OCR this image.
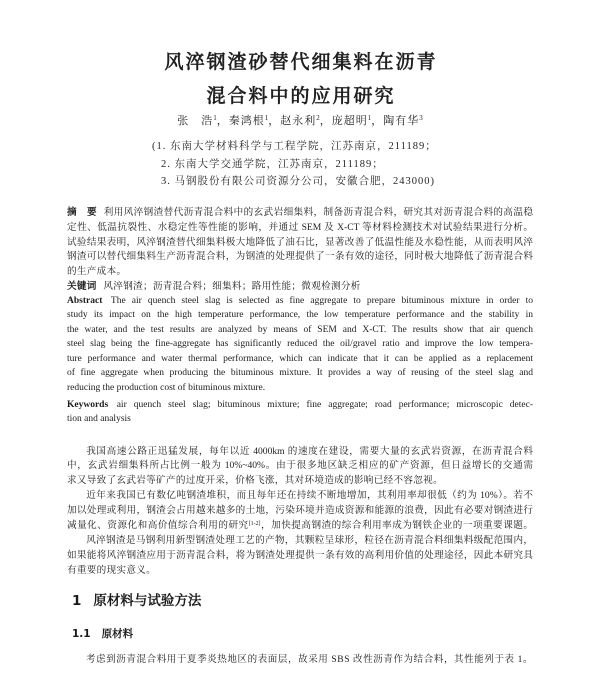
风淬钢渣砂替代细集料在沥青
混合料中的应用研究
张　浩$^1$，秦鸿根$^1$，赵永利$^2$，庞超明$^1$，陶有华$^3$
(1. 东南大学材料科学与工程学院，江苏南京，211189；
2. 东南大学交通学院，江苏南京，211189；
3. 马钢股份有限公司资源分公司，安徽合肥，243000)
摘　要 利用风淬钢渣替代沥青混合料中的玄武岩细集料，制备沥青混合料，研究其对沥青混合料的高温稳
定性、低温抗裂性、水稳定性等性能的影响，并通过 SEM 及 X-CT 等材料检测技术对试验结果进行分析。
试验结果表明，风淬钢渣替代细集料极大地降低了油石比，显著改善了低温性能及水稳性能，从而表明风淬
钢渣可以替代细集料生产沥青混合料，为钢渣的处理提供了一条有效的途径，同时极大地降低了沥青混合料
的生产成本。
关键词 风淬钢渣；沥青混合料；细集料；路用性能；微观检测分析
Abstract The air quench steel slag is selected as fine aggregate to prepare bituminous mixture in order to
study its impact on the high temperature performance, the low temperature performance and the stability in
the water, and the test results are analyzed by means of SEM and X-CT. The results show that air quench
steel slag being the fine-aggregate has significantly reduced the oil/gravel ratio and improve the low tempera-
ture performance and water thermal performance, which can indicate that it can be applied as a replacement
of fine aggregate when producing the bituminous mixture. It provides a way of reusing of the steel slag and
reducing the production cost of bituminous mixture.
Keywords air quench steel slag; bituminous mixture; fine aggregate; road performance; microscopic detec-
tion and analysis
我国高速公路正迅猛发展，每年以近 4000km 的速度在建设，需要大量的玄武岩资源，在沥青混合料
中，玄武岩细集料所占比例一般为 10%~40%。由于很多地区缺乏相应的矿产资源，但日益增长的交通需
求又导致了玄武岩等矿产的过度开采，价格飞涨，其对环境造成的影响已经不容忽视。
近年来我国已有数亿吨钢渣堆积，而且每年还在持续不断地增加，其利用率却很低（约为 10%）。若不
加以处理或利用，钢渣会占用越来越多的土地，污染环境并造成资源和能源的浪费，因此有必要对钢渣进行
减量化、资源化和高价值综合利用的研究[1-2]，加快提高钢渣的综合利用率成为钢铁企业的一项重要课题。
风淬钢渣是马钢利用新型钢渣处理工艺的产物，其颗粒呈球形，粒径在沥青混合料细集料级配范围内，
如果能将风淬钢渣应用于沥青混合料，将为钢渣处理提供一条有效的高利用价值的处理途径，因此本研究具
有重要的现实意义。
1 原材料与试验方法
1.1 原材料
考虑到沥青混合料用于夏季炎热地区的表面层，故采用 SBS 改性沥青作为结合料，其性能列于表 1。
